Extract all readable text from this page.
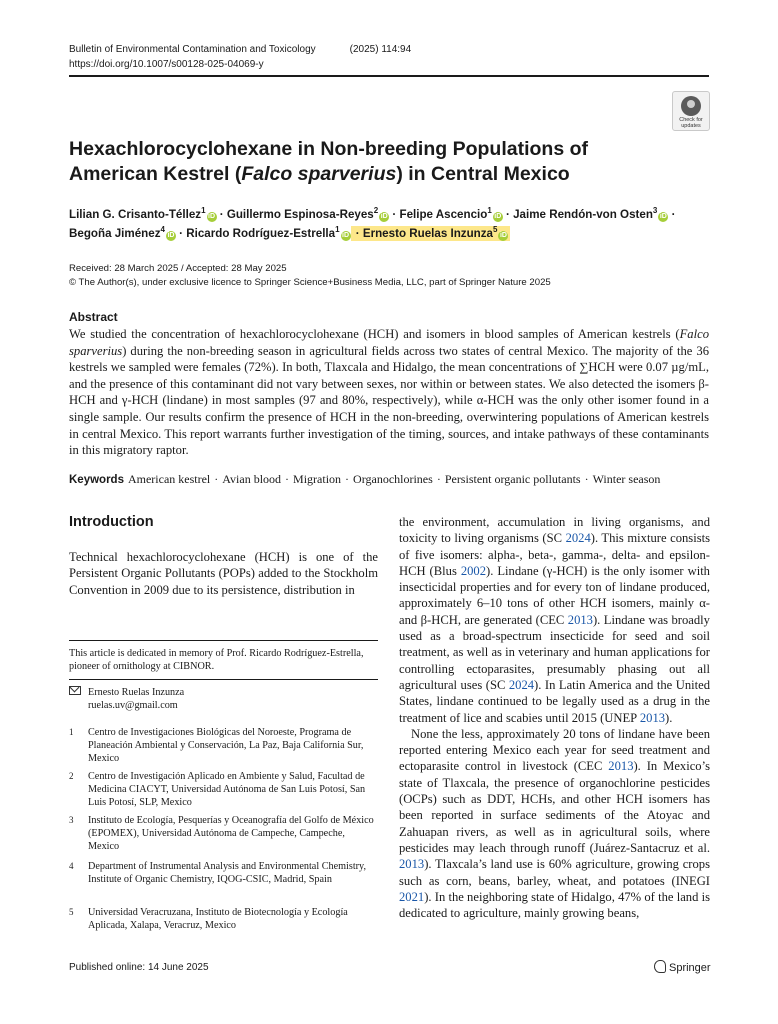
Bulletin of Environmental Contamination and Toxicology	(2025) 114:94
https://doi.org/10.1007/s00128-025-04069-y
Check for
updates
Hexachlorocyclohexane in Non-breeding Populations of American Kestrel (Falco sparverius) in Central Mexico
Lilian G. Crisanto-Téllez$^1$iD · Guillermo Espinosa-Reyes$^2$iD · Felipe Ascencio$^1$iD · Jaime Rendón-von Osten$^3$iD ·
Begoña Jiménez$^4$iD · Ricardo Rodríguez-Estrella$^1$iD · Ernesto Ruelas Inzunza$^5$iD
Received: 28 March 2025 / Accepted: 28 May 2025
© The Author(s), under exclusive licence to Springer Science+Business Media, LLC, part of Springer Nature 2025
Abstract
We studied the concentration of hexachlorocyclohexane (HCH) and isomers in blood samples of American kestrels (Falco sparverius) during the non-breeding season in agricultural fields across two states of central Mexico. The majority of the 36 kestrels we sampled were females (72%). In both, Tlaxcala and Hidalgo, the mean concentrations of ∑HCH were 0.07 µg/mL, and the presence of this contaminant did not vary between sexes, nor within or between states. We also detected the isomers β-HCH and γ-HCH (lindane) in most samples (97 and 80%, respectively), while α-HCH was the only other isomer found in a single sample. Our results confirm the presence of HCH in the non-breeding, overwintering populations of American kestrels in central Mexico. This report warrants further investigation of the timing, sources, and intake pathways of these contaminants in this migratory raptor.
Keywords American kestrel · Avian blood · Migration · Organochlorines · Persistent organic pollutants · Winter season
Introduction
Technical hexachlorocyclohexane (HCH) is one of the Persistent Organic Pollutants (POPs) added to the Stockholm Convention in 2009 due to its persistence, distribution in
This article is dedicated in memory of Prof. Ricardo Rodríguez-Estrella, pioneer of ornithology at CIBNOR.
Ernesto Ruelas Inzunza
ruelas.uv@gmail.com
1	Centro de Investigaciones Biológicas del Noroeste, Programa de Planeación Ambiental y Conservación, La Paz, Baja California Sur, Mexico
2	Centro de Investigación Aplicado en Ambiente y Salud, Facultad de Medicina CIACYT, Universidad Autónoma de San Luis Potosí, San Luis Potosí, SLP, Mexico
3	Instituto de Ecología, Pesquerías y Oceanografía del Golfo de México (EPOMEX), Universidad Autónoma de Campeche, Campeche, Mexico
4	Department of Instrumental Analysis and Environmental Chemistry, Institute of Organic Chemistry, IQOG-CSIC, Madrid, Spain
5	Universidad Veracruzana, Instituto de Biotecnología y Ecología Aplicada, Xalapa, Veracruz, Mexico
the environment, accumulation in living organisms, and toxicity to living organisms (SC 2024). This mixture consists of five isomers: alpha-, beta-, gamma-, delta- and epsilon-HCH (Blus 2002). Lindane (γ-HCH) is the only isomer with insecticidal properties and for every ton of lindane produced, approximately 6–10 tons of other HCH isomers, mainly α- and β-HCH, are generated (CEC 2013). Lindane was broadly used as a broad-spectrum insecticide for seed and soil treatment, as well as in veterinary and human applications for controlling ectoparasites, presumably phasing out all agricultural uses (SC 2024). In Latin America and the United States, lindane continued to be legally used as a drug in the treatment of lice and scabies until 2015 (UNEP 2013).
None the less, approximately 20 tons of lindane have been reported entering Mexico each year for seed treatment and ectoparasite control in livestock (CEC 2013). In Mexico’s state of Tlaxcala, the presence of organochlorine pesticides (OCPs) such as DDT, HCHs, and other HCH isomers has been reported in surface sediments of the Atoyac and Zahuapan rivers, as well as in agricultural soils, where pesticides may leach through runoff (Juárez-Santacruz et al. 2013). Tlaxcala’s land use is 60% agriculture, growing crops such as corn, beans, barley, wheat, and potatoes (INEGI 2021). In the neighboring state of Hidalgo, 47% of the land is dedicated to agriculture, mainly growing beans,
Published online: 14 June 2025	Springer
